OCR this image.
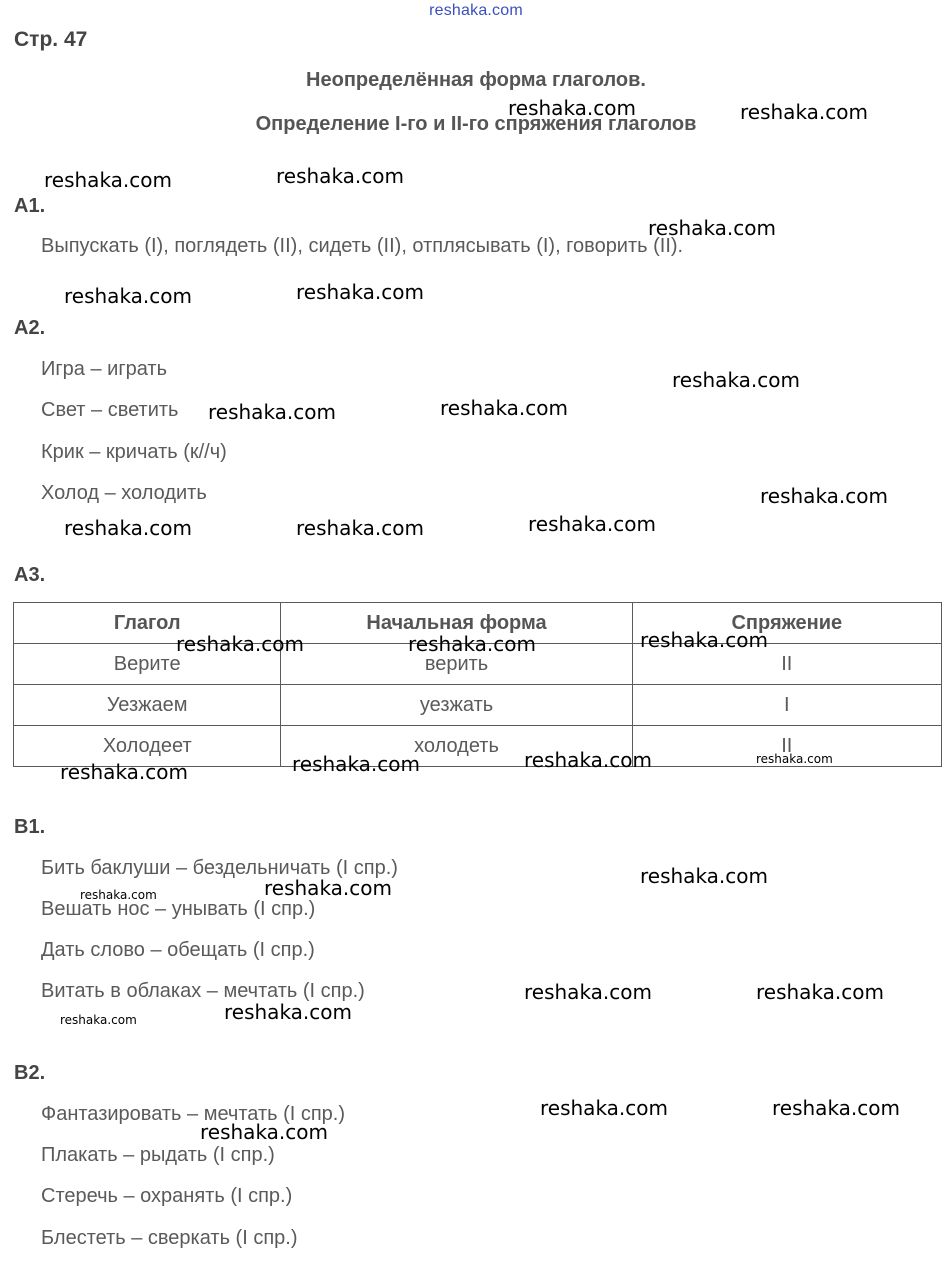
reshaka.com
Стр. 47
Неопределённая форма глаголов.
Определение I-го и II-го спряжения глаголов
А1.
Выпускать (I), поглядеть (II), сидеть (II), отплясывать (I), говорить (II).
А2.
Игра – играть
Свет – светить
Крик – кричать (к//ч)
Холод – холодить
А3.
Глагол	Начальная форма	Спряжение
Верите	верить	II
Уезжаем	уезжать	I
Холодеет	холодеть	II
В1.
Бить баклуши – бездельничать (I спр.)
Вешать нос – унывать (I спр.)
Дать слово – обещать (I спр.)
Витать в облаках – мечтать (I спр.)
В2.
Фантазировать – мечтать (I спр.)
Плакать – рыдать (I спр.)
Стеречь – охранять (I спр.)
Блестеть – сверкать (I спр.)
reshaka.com	reshaka.com
reshaka.com	reshaka.com
reshaka.com
reshaka.com	reshaka.com
reshaka.com
reshaka.com	reshaka.com
reshaka.com
reshaka.com	reshaka.com	reshaka.com
reshaka.com	reshaka.com	reshaka.com
reshaka.com	reshaka.com	reshaka.com	reshaka.com
reshaka.com
reshaka.com	reshaka.com
reshaka.com	reshaka.com
reshaka.com	reshaka.com
reshaka.com	reshaka.com
reshaka.com
